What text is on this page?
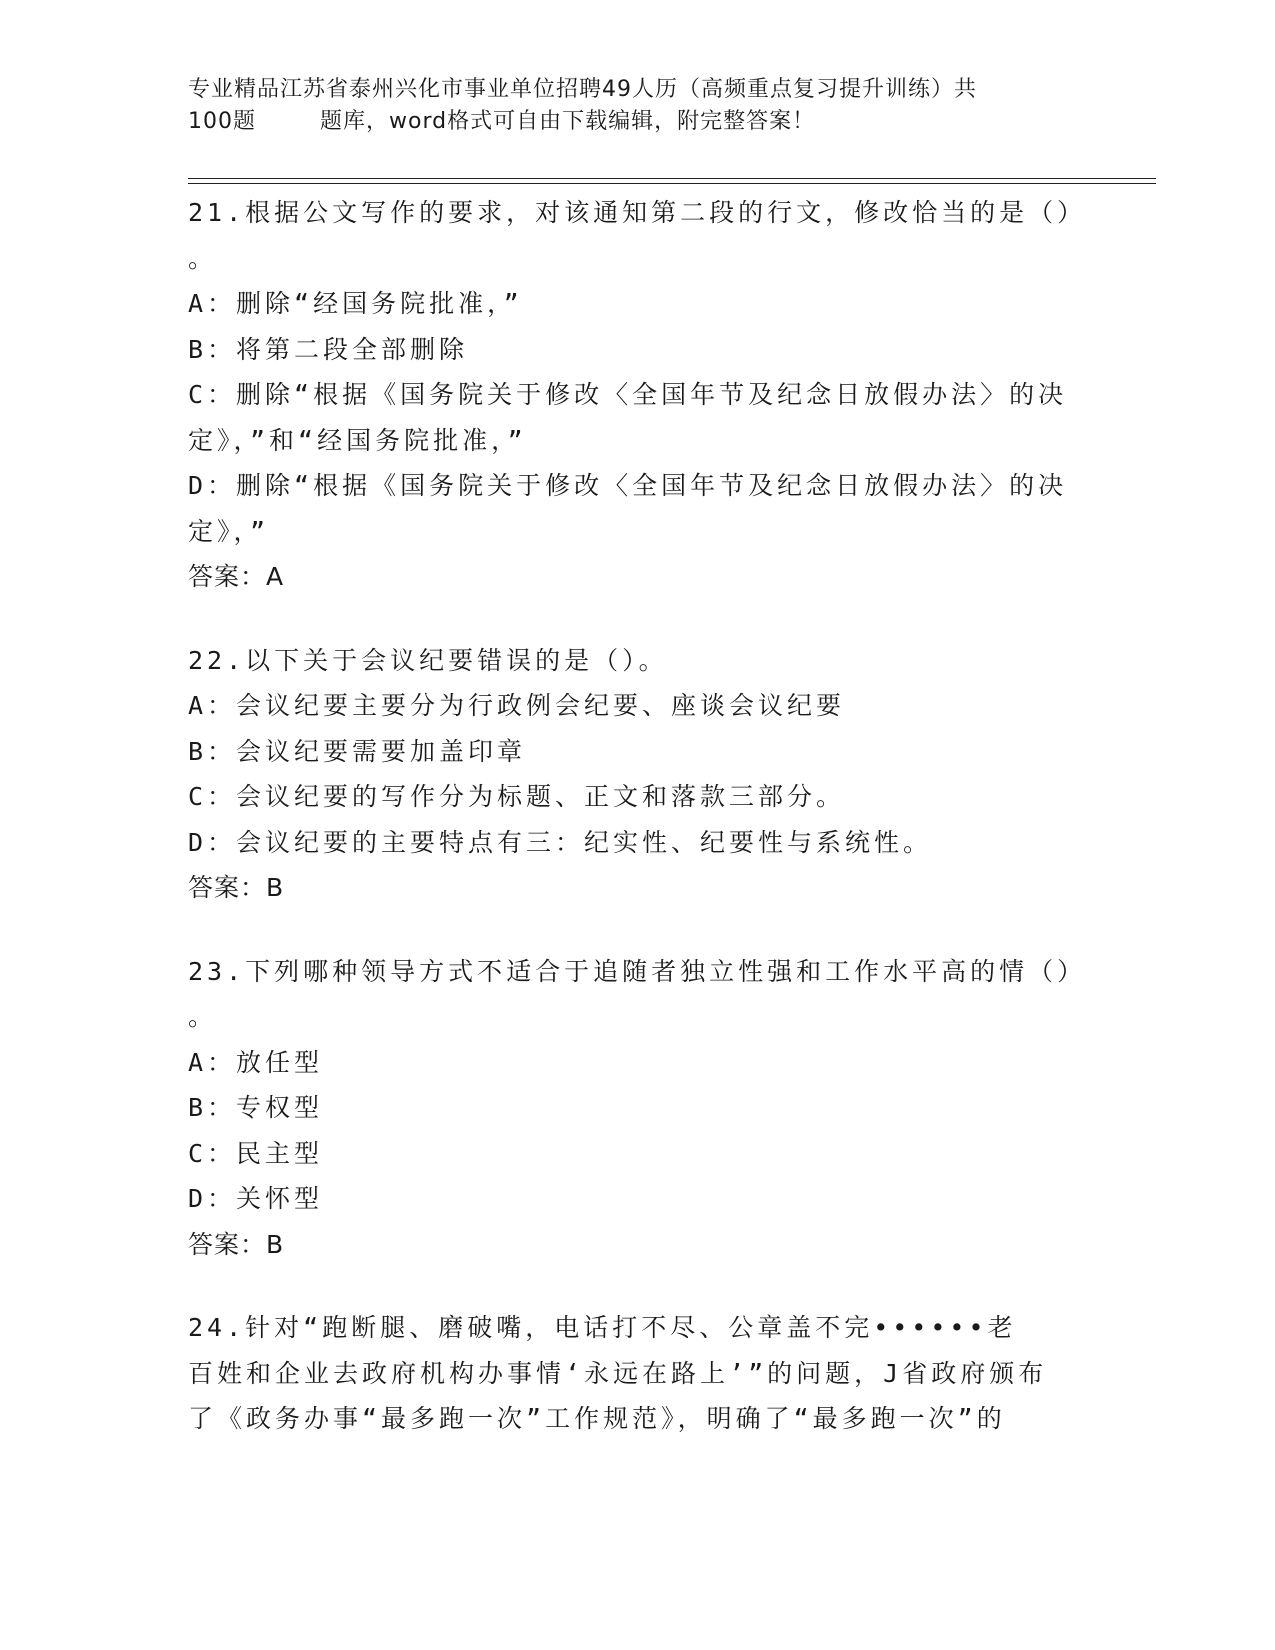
专业精品江苏省泰州兴化市事业单位招聘49人历（高频重点复习提升训练）共
100题	题库，word格式可自由下载编辑，附完整答案！
21.根据公文写作的要求，对该通知第二段的行文，修改恰当的是（）
。
A：删除“经国务院批准，”
B：将第二段全部删除
C：删除“根据《国务院关于修改〈全国年节及纪念日放假办法〉的决
定》，”和“经国务院批准，”
D：删除“根据《国务院关于修改〈全国年节及纪念日放假办法〉的决
定》，”
答案：A
22.以下关于会议纪要错误的是（）。
A：会议纪要主要分为行政例会纪要、座谈会议纪要
B：会议纪要需要加盖印章
C：会议纪要的写作分为标题、正文和落款三部分。
D：会议纪要的主要特点有三：纪实性、纪要性与系统性。
答案：B
23.下列哪种领导方式不适合于追随者独立性强和工作水平高的情（）
。
A：放任型
B：专权型
C：民主型
D：关怀型
答案：B
24.针对“跑断腿、磨破嘴，电话打不尽、公章盖不完••••••老
百姓和企业去政府机构办事情‘永远在路上’”的问题，J省政府颁布
了《政务办事“最多跑一次”工作规范》，明确了“最多跑一次”的
